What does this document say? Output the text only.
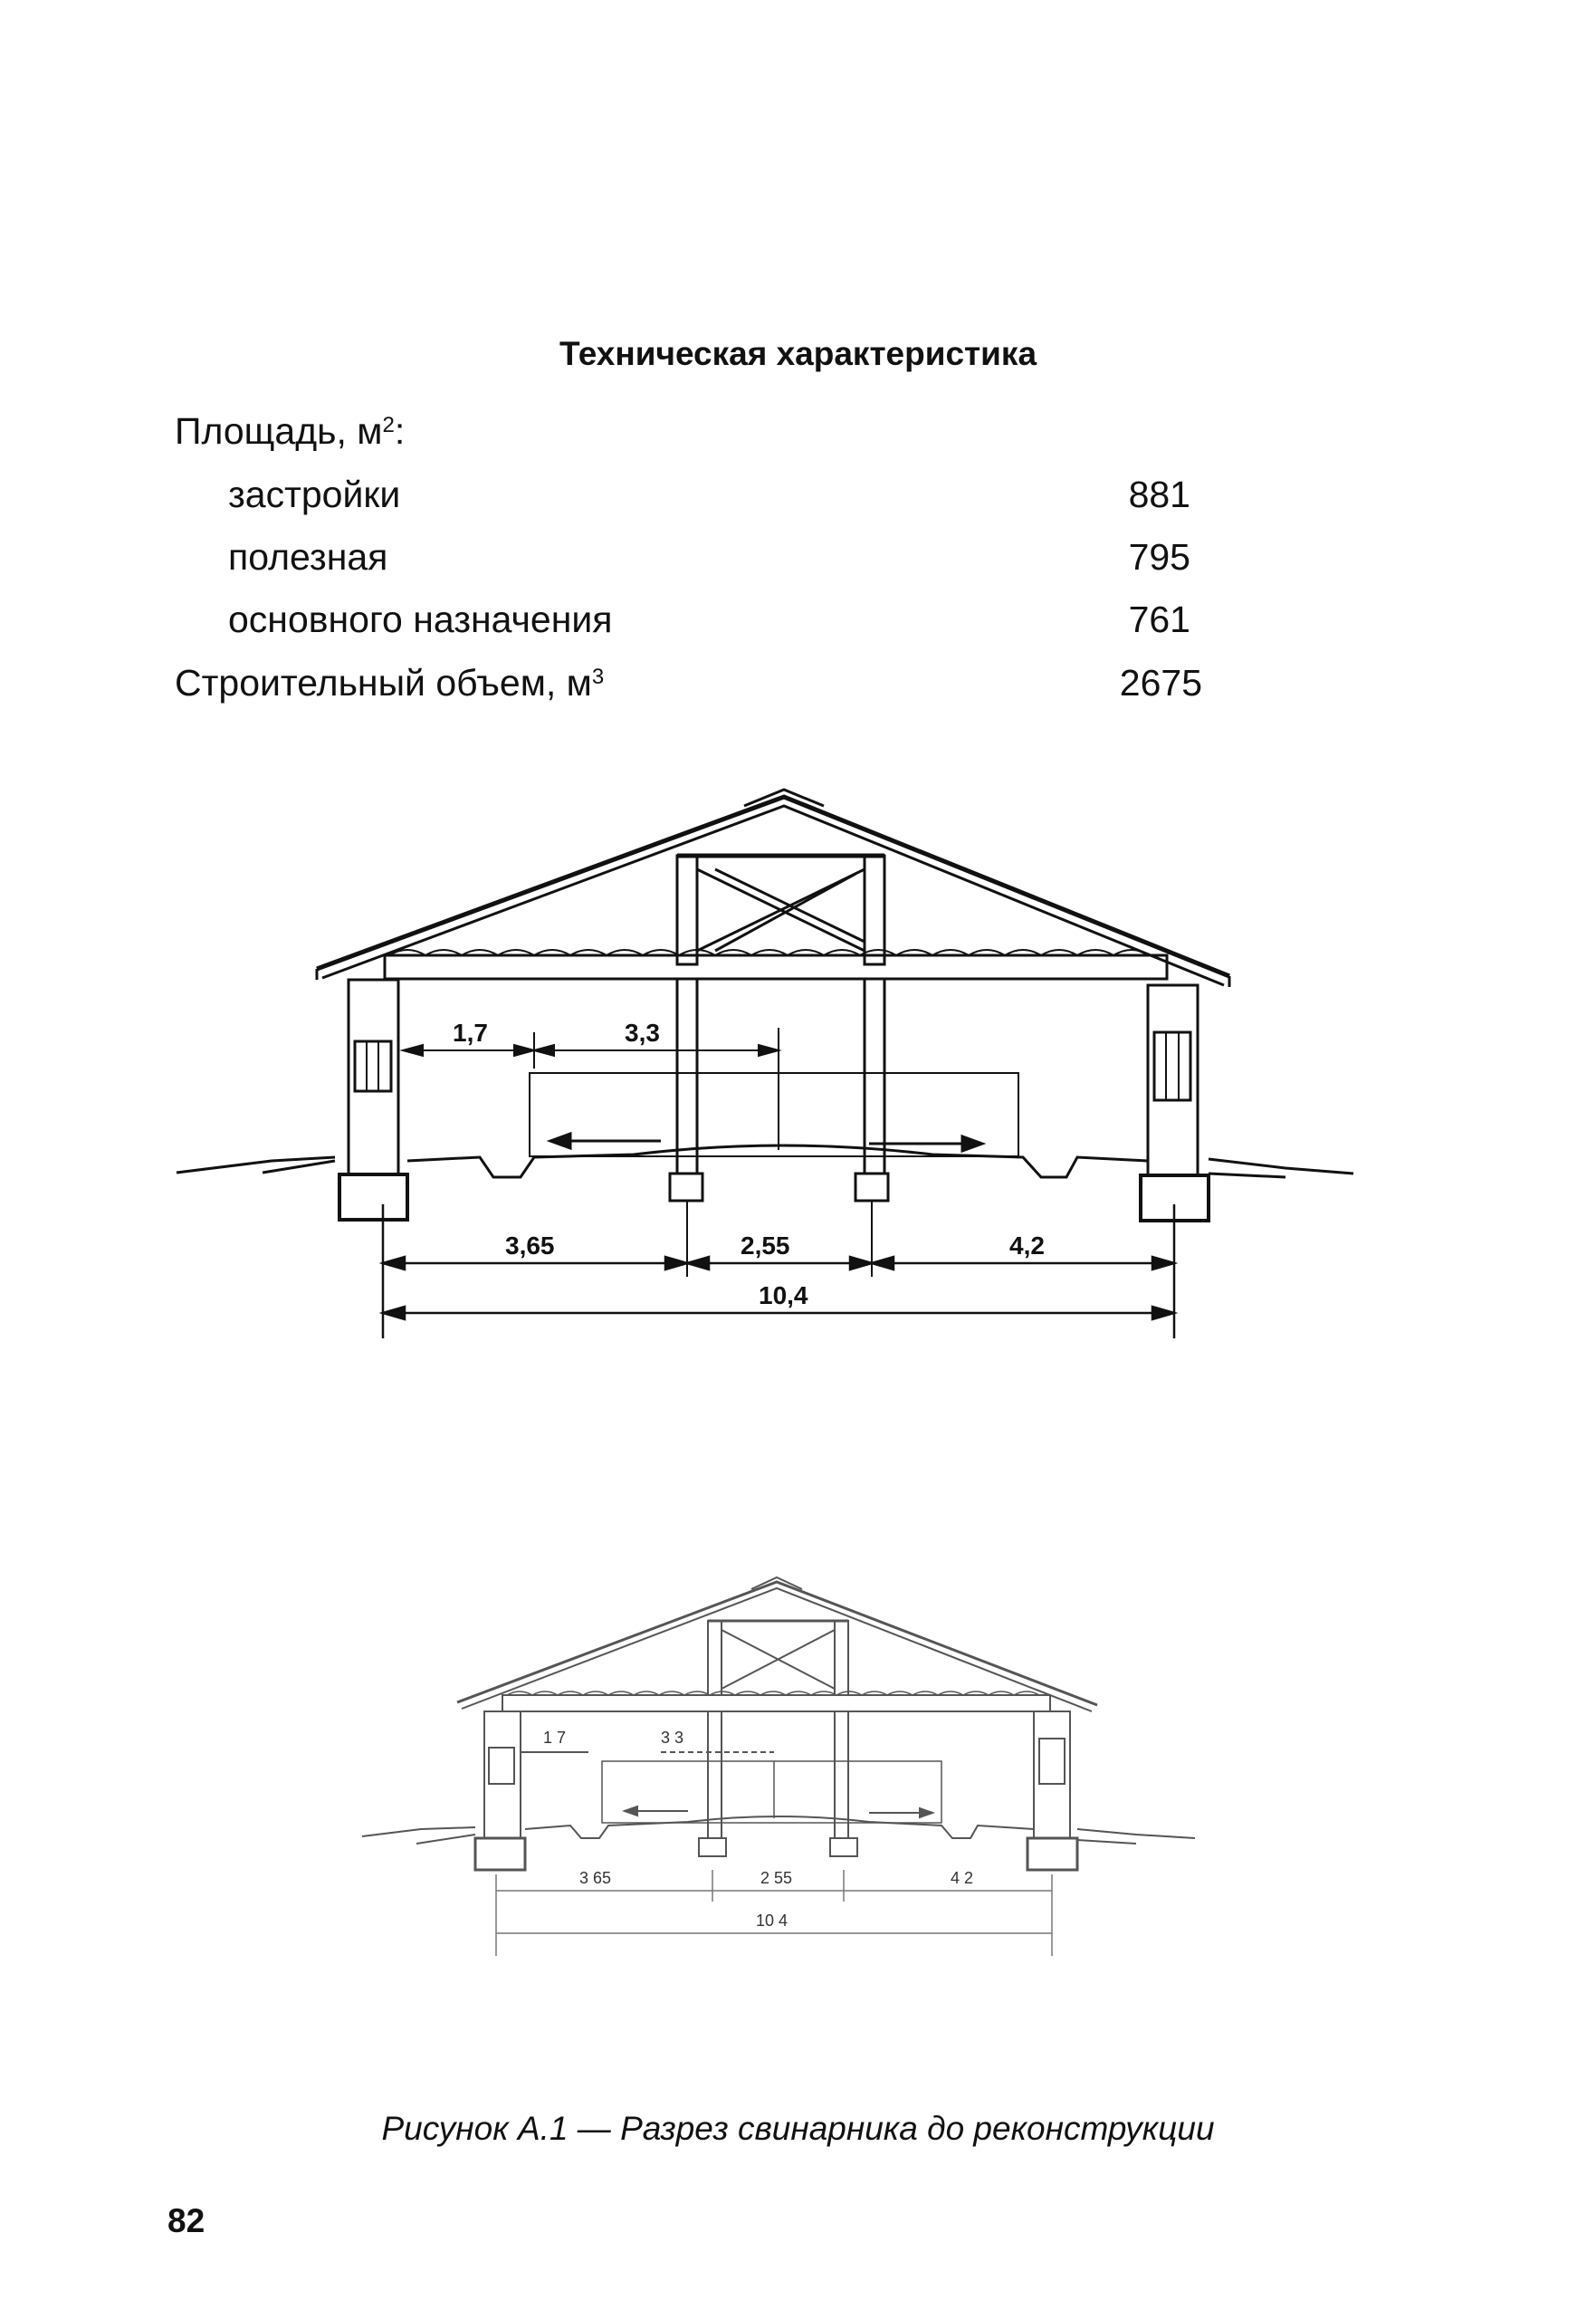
Техническая характеристика
Площадь, $м^2$:
застройки	881
полезная	795
основного назначения	761
Строительный объем, $м^3$	2675
1,7	3,3
3,65	2,55	4,2
10,4
1 7	3 3
3 65	2 55	4 2
10 4
Рисунок А.1 — Разрез свинарника до реконструкции
82
